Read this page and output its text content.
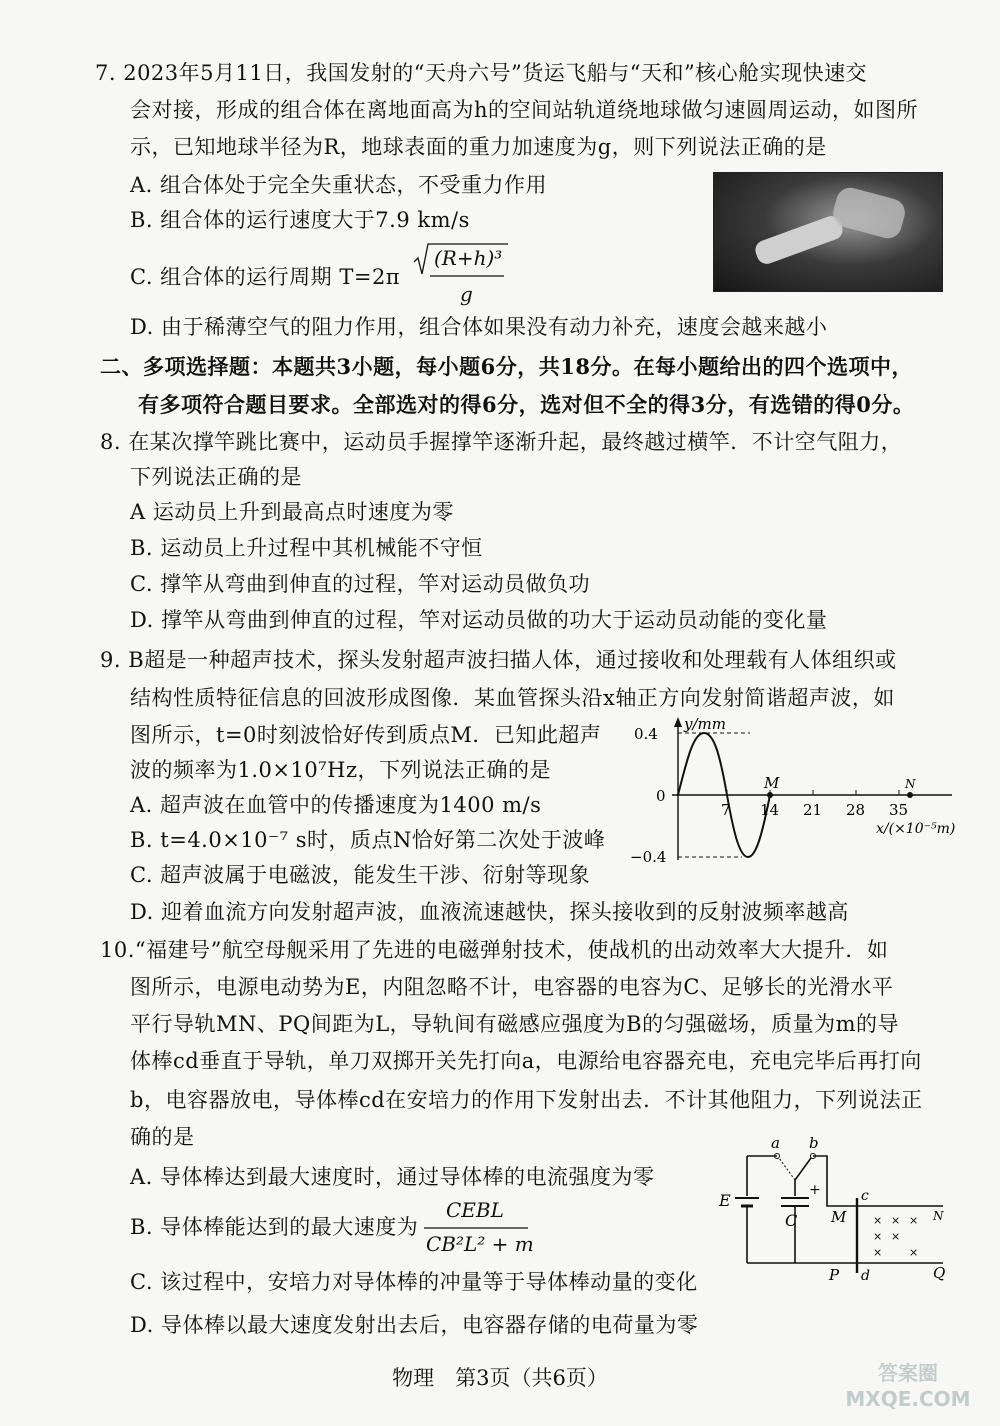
7. 2023年5月11日，我国发射的“天舟六号”货运飞船与“天和”核心舱实现快速交
会对接，形成的组合体在离地面高为h的空间站轨道绕地球做匀速圆周运动，如图所
示，已知地球半径为R，地球表面的重力加速度为g，则下列说法正确的是
A. 组合体处于完全失重状态，不受重力作用
B. 组合体的运行速度大于7.9 km/s
C. 组合体的运行周期 T=2π
(R+h)³
g
D. 由于稀薄空气的阻力作用，组合体如果没有动力补充，速度会越来越小
二、多项选择题：本题共3小题，每小题6分，共18分。在每小题给出的四个选项中，
有多项符合题目要求。全部选对的得6分，选对但不全的得3分，有选错的得0分。
8. 在某次撑竿跳比赛中，运动员手握撑竿逐渐升起，最终越过横竿．不计空气阻力，
下列说法正确的是
A 运动员上升到最高点时速度为零
B. 运动员上升过程中其机械能不守恒
C. 撑竿从弯曲到伸直的过程，竿对运动员做负功
D. 撑竿从弯曲到伸直的过程，竿对运动员做的功大于运动员动能的变化量
9. B超是一种超声技术，探头发射超声波扫描人体，通过接收和处理载有人体组织或
结构性质特征信息的回波形成图像．某血管探头沿x轴正方向发射简谐超声波，如
图所示，t=0时刻波恰好传到质点M．已知此超声
波的频率为1.0×10⁷Hz，下列说法正确的是
A. 超声波在血管中的传播速度为1400 m/s
B. t=4.0×10⁻⁷ s时，质点N恰好第二次处于波峰
C. 超声波属于电磁波，能发生干涉、衍射等现象
D. 迎着血流方向发射超声波，血液流速越快，探头接收到的反射波频率越高
0.4
0
−0.4
y/mm
7 14 21 28 35
M	N
x/(×10⁻⁵m)
10.“福建号”航空母舰采用了先进的电磁弹射技术，使战机的出动效率大大提升．如
图所示，电源电动势为E，内阻忽略不计，电容器的电容为C、足够长的光滑水平
平行导轨MN、PQ间距为L，导轨间有磁感应强度为B的匀强磁场，质量为m的导
体棒cd垂直于导轨，单刀双掷开关先打向a，电源给电容器充电，充电完毕后再打向
b，电容器放电，导体棒cd在安培力的作用下发射出去．不计其他阻力，下列说法正
确的是
A. 导体棒达到最大速度时，通过导体棒的电流强度为零
B. 导体棒能达到的最大速度为
CEBL
CB²L² + m
C. 该过程中，安培力对导体棒的冲量等于导体棒动量的变化
D. 导体棒以最大速度发射出去后，电容器存储的电荷量为零
× × ×
× ×
× ×
a b
E
C
+
M
c
P d	Q
N
物理　第3页（共6页）	答案圈 MXQE.COM
